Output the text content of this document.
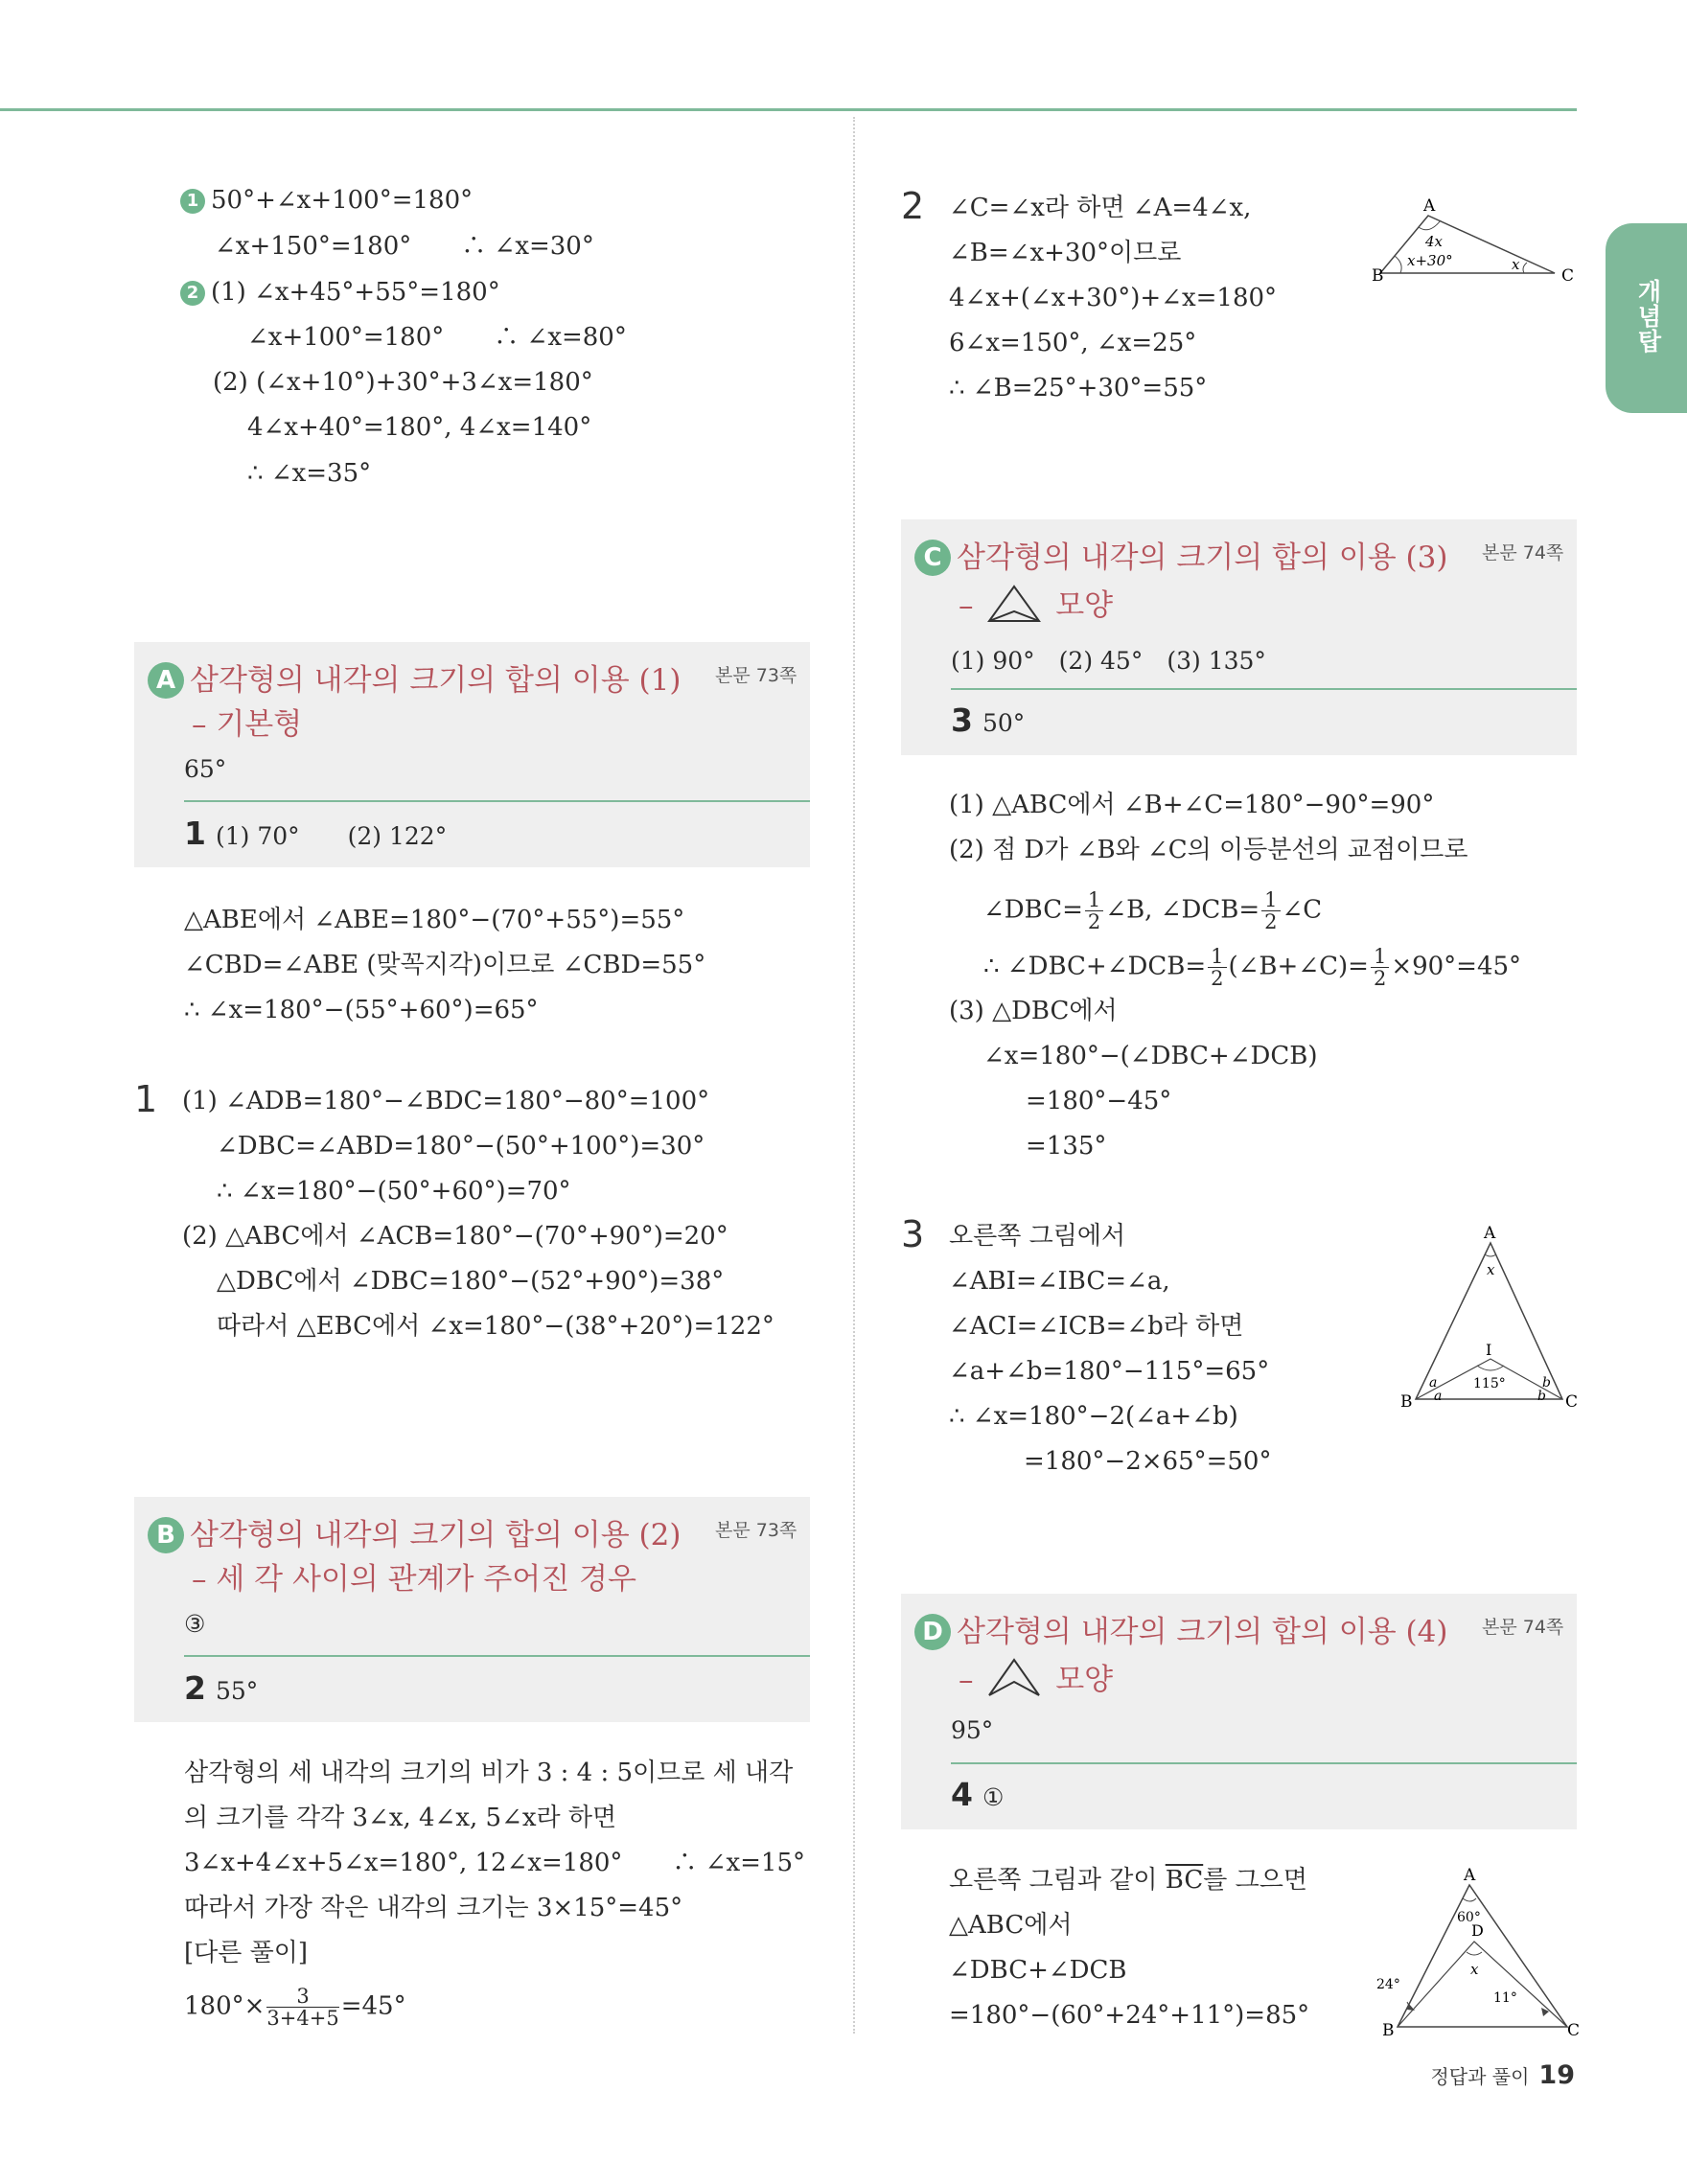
개념탑
1 50°+∠x+100°=180°
∠x+150°=180°　　∴ ∠x=30°
2 (1) ∠x+45°+55°=180°
∠x+100°=180°　　∴ ∠x=80°
(2) (∠x+10°)+30°+3∠x=180°
4∠x+40°=180°, 4∠x=140°
∴ ∠x=35°
A 삼각형의 내각의 크기의 합의 이용 (1)
– 기본형
본문 73쪽
65°
1 (1) 70°　　(2) 122°
△ABE에서 ∠ABE=180°−(70°+55°)=55°
∠CBD=∠ABE (맞꼭지각)이므로 ∠CBD=55°
∴ ∠x=180°−(55°+60°)=65°
1 (1) ∠ADB=180°−∠BDC=180°−80°=100°
∠DBC=∠ABD=180°−(50°+100°)=30°
∴ ∠x=180°−(50°+60°)=70°
(2) △ABC에서 ∠ACB=180°−(70°+90°)=20°
△DBC에서 ∠DBC=180°−(52°+90°)=38°
따라서 △EBC에서 ∠x=180°−(38°+20°)=122°
B 삼각형의 내각의 크기의 합의 이용 (2)
– 세 각 사이의 관계가 주어진 경우
본문 73쪽
③
2 55°
삼각형의 세 내각의 크기의 비가 3 : 4 : 5이므로 세 내각
의 크기를 각각 3∠x, 4∠x, 5∠x라 하면
3∠x+4∠x+5∠x=180°, 12∠x=180°　　∴ ∠x=15°
따라서 가장 작은 내각의 크기는 3×15°=45°
[다른 풀이]
$180^\circ\times \frac{3}{3+4+5} =45^\circ$
2 ∠C=∠x라 하면 ∠A=4∠x,
∠B=∠x+30°이므로
4∠x+(∠x+30°)+∠x=180°
6∠x=150°, ∠x=25°
∴ ∠B=25°+30°=55°
A
B	C
4x
x+30°	x
C 삼각형의 내각의 크기의 합의 이용 (3)
–	모양
본문 74쪽
(1) 90°　(2) 45°　(3) 135°
3 50°
(1) △ABC에서 ∠B+∠C=180°−90°=90°
(2) 점 D가 ∠B와 ∠C의 이등분선의 교점이므로
∠DBC= $\frac{1}{2}$ ∠B, ∠DCB= $\frac{1}{2}$ ∠C
∴ ∠DBC+∠DCB= $\frac{1}{2}$ (∠B+∠C)= $\frac{1}{2} \times 90^\circ=45^\circ$
(3) △DBC에서
∠x=180°−(∠DBC+∠DCB)
=180°−45°
=135°
3 오른쪽 그림에서
∠ABI=∠IBC=∠a,
∠ACI=∠ICB=∠b라 하면
∠a+∠b=180°−115°=65°
∴ ∠x=180°−2(∠a+∠b)
=180°−2×65°=50°
A
B	C
I
x
115°
a
a
b
b
D 삼각형의 내각의 크기의 합의 이용 (4)
–	모양
본문 74쪽
95°
4 ①
오른쪽 그림과 같이 $\overline{BC}$를 그으면
△ABC에서
∠DBC+∠DCB
=180°−(60°+24°+11°)=85°
A
B	C
D
60°
24°
11°
x
정답과 풀이 19
